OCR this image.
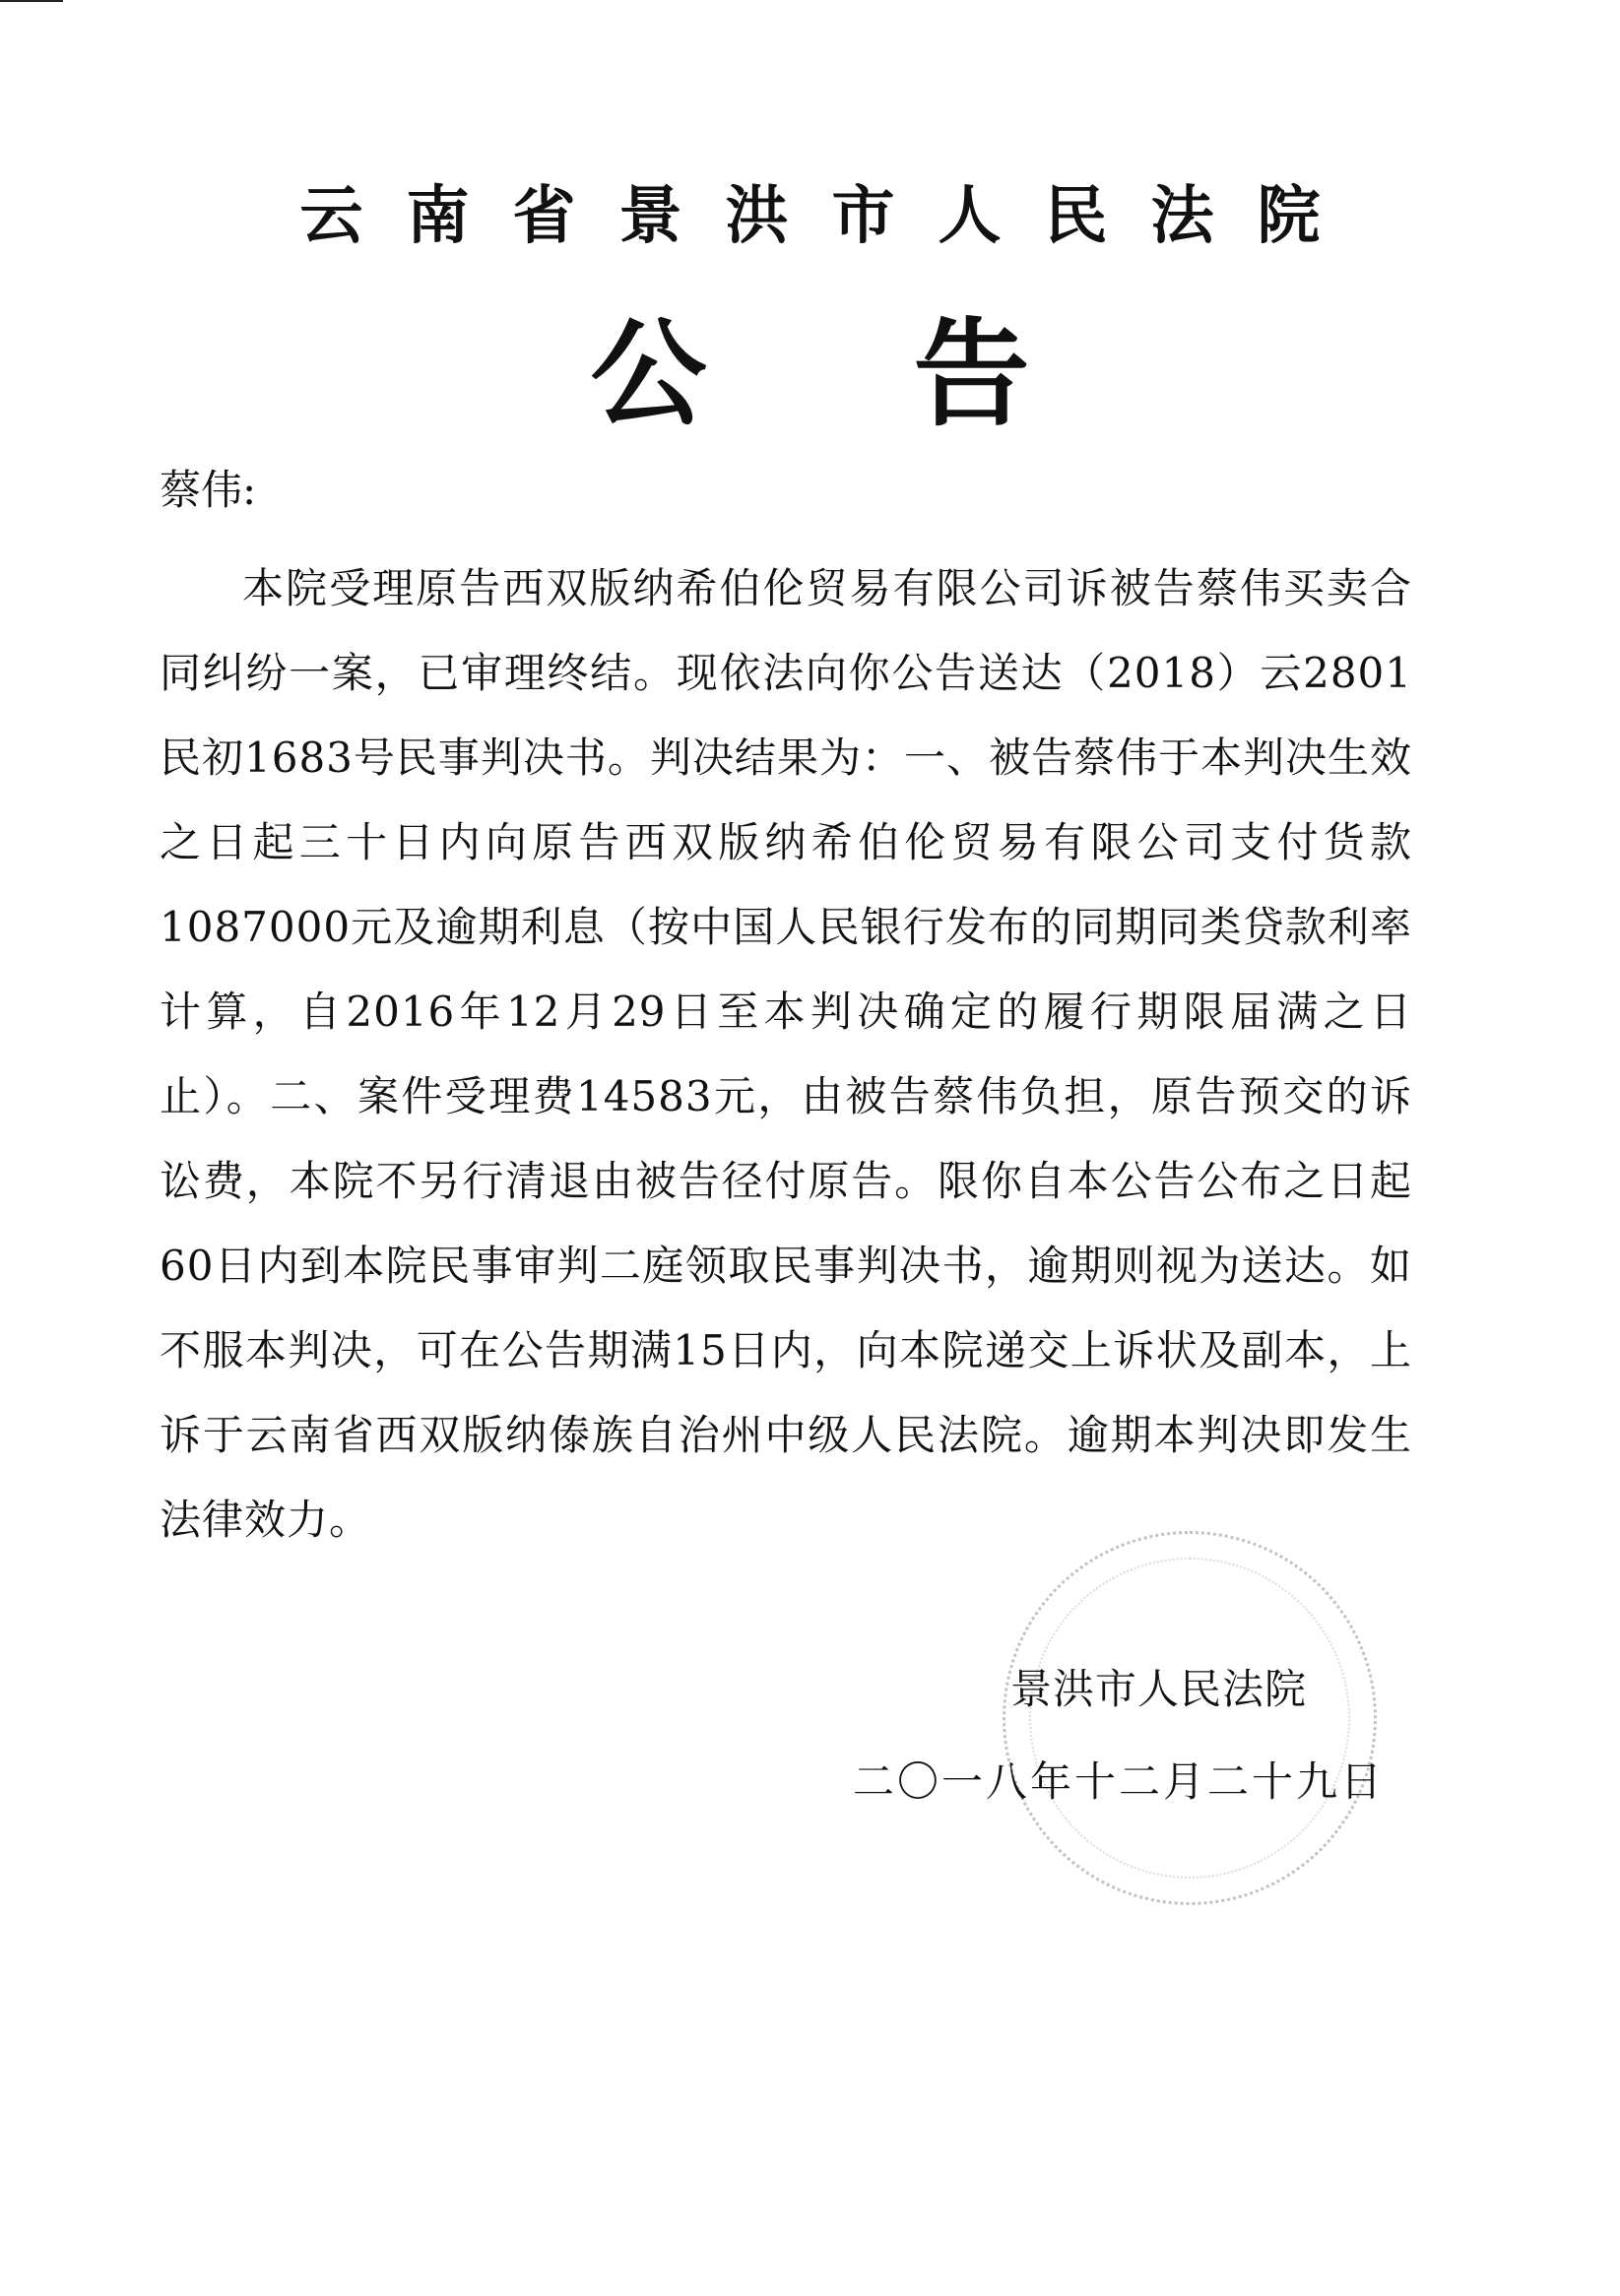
云南省景洪市人民法院
公告
蔡伟:
本院受理原告西双版纳希伯伦贸易有限公司诉被告蔡伟买卖合同纠纷一案，已审理终结。现依法向你公告送达（2018）云2801民初1683号民事判决书。判决结果为：一、被告蔡伟于本判决生效之日起三十日内向原告西双版纳希伯伦贸易有限公司支付货款1087000元及逾期利息（按中国人民银行发布的同期同类贷款利率计算，自2016年12月29日至本判决确定的履行期限届满之日止）。二、案件受理费14583元，由被告蔡伟负担，原告预交的诉讼费，本院不另行清退由被告径付原告。限你自本公告公布之日起60日内到本院民事审判二庭领取民事判决书，逾期则视为送达。如不服本判决，可在公告期满15日内，向本院递交上诉状及副本，上诉于云南省西双版纳傣族自治州中级人民法院。逾期本判决即发生法律效力。
景洪市人民法院
二〇一八年十二月二十九日
